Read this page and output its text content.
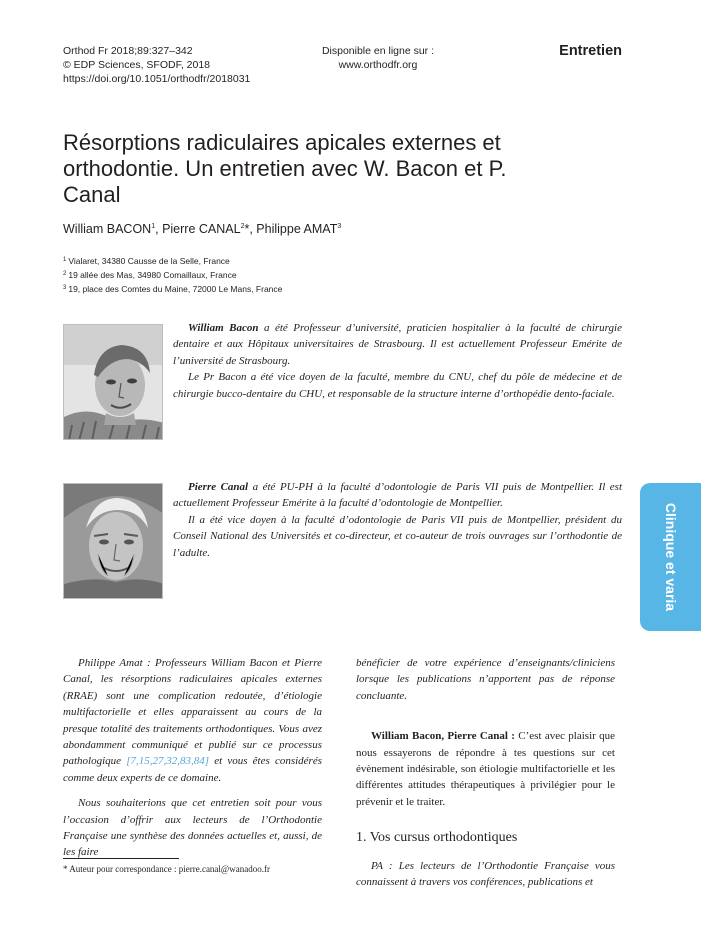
Orthod Fr 2018;89:327–342
© EDP Sciences, SFODF, 2018
https://doi.org/10.1051/orthodfr/2018031
Disponible en ligne sur :
www.orthodfr.org
Entretien
Résorptions radiculaires apicales externes et orthodontie. Un entretien avec W. Bacon et P. Canal
William BACON$^1$, Pierre CANAL$^2$*, Philippe AMAT$^3$
$^1$ Vialaret, 34380 Causse de la Selle, France
$^2$ 19 allée des Mas, 34980 Comaillaux, France
$^3$ 19, place des Comtes du Maine, 72000 Le Mans, France

William Bacon a été Professeur d’université, praticien hospitalier à la faculté de chirurgie dentaire et aux Hôpitaux universitaires de Strasbourg. Il est actuellement Professeur Emérite de l’université de Strasbourg.

Le Pr Bacon a été vice doyen de la faculté, membre du CNU, chef du pôle de médecine et de chirurgie bucco-dentaire du CHU, et responsable de la structure interne d’orthopédie dento-faciale.

Pierre Canal a été PU-PH à la faculté d’odontologie de Paris VII puis de Montpellier. Il est actuellement Professeur Emérite à la faculté d’odontologie de Montpellier.

Il a été vice doyen à la faculté d’odontologie de Paris VII puis de Montpellier, président du Conseil National des Universités et co-directeur, et co-auteur de trois ouvrages sur l’orthodontie de l’adulte.	Clinique et varia

Philippe Amat : Professeurs William Bacon et Pierre Canal, les résorptions radiculaires apicales externes (RRAE) sont une complication redoutée, d’étiologie multifactorielle et elles apparaissent au cours de la presque totalité des traitements orthodontiques. Vous avez abondamment communiqué et publié sur ce processus pathologique [7,15,27,32,83,84] et vous êtes considérés comme deux experts de ce domaine.

Nous souhaiterions que cet entretien soit pour vous l’occasion d’offrir aux lecteurs de l’Orthodontie Française une synthèse des données actuelles et, aussi, de les faire

bénéficier de votre expérience d’enseignants/cliniciens lorsque les publications n’apportent pas de réponse concluante.

William Bacon, Pierre Canal : C’est avec plaisir que nous essayerons de répondre à tes questions sur cet évènement indésirable, son étiologie multifactorielle et les différentes attitudes thérapeutiques à privilégier pour le prévenir et le traiter.

1. Vos cursus orthodontiques

PA : Les lecteurs de l’Orthodontie Française vous connaissent à travers vos conférences, publications et

* Auteur pour correspondance : pierre.canal@wanadoo.fr
